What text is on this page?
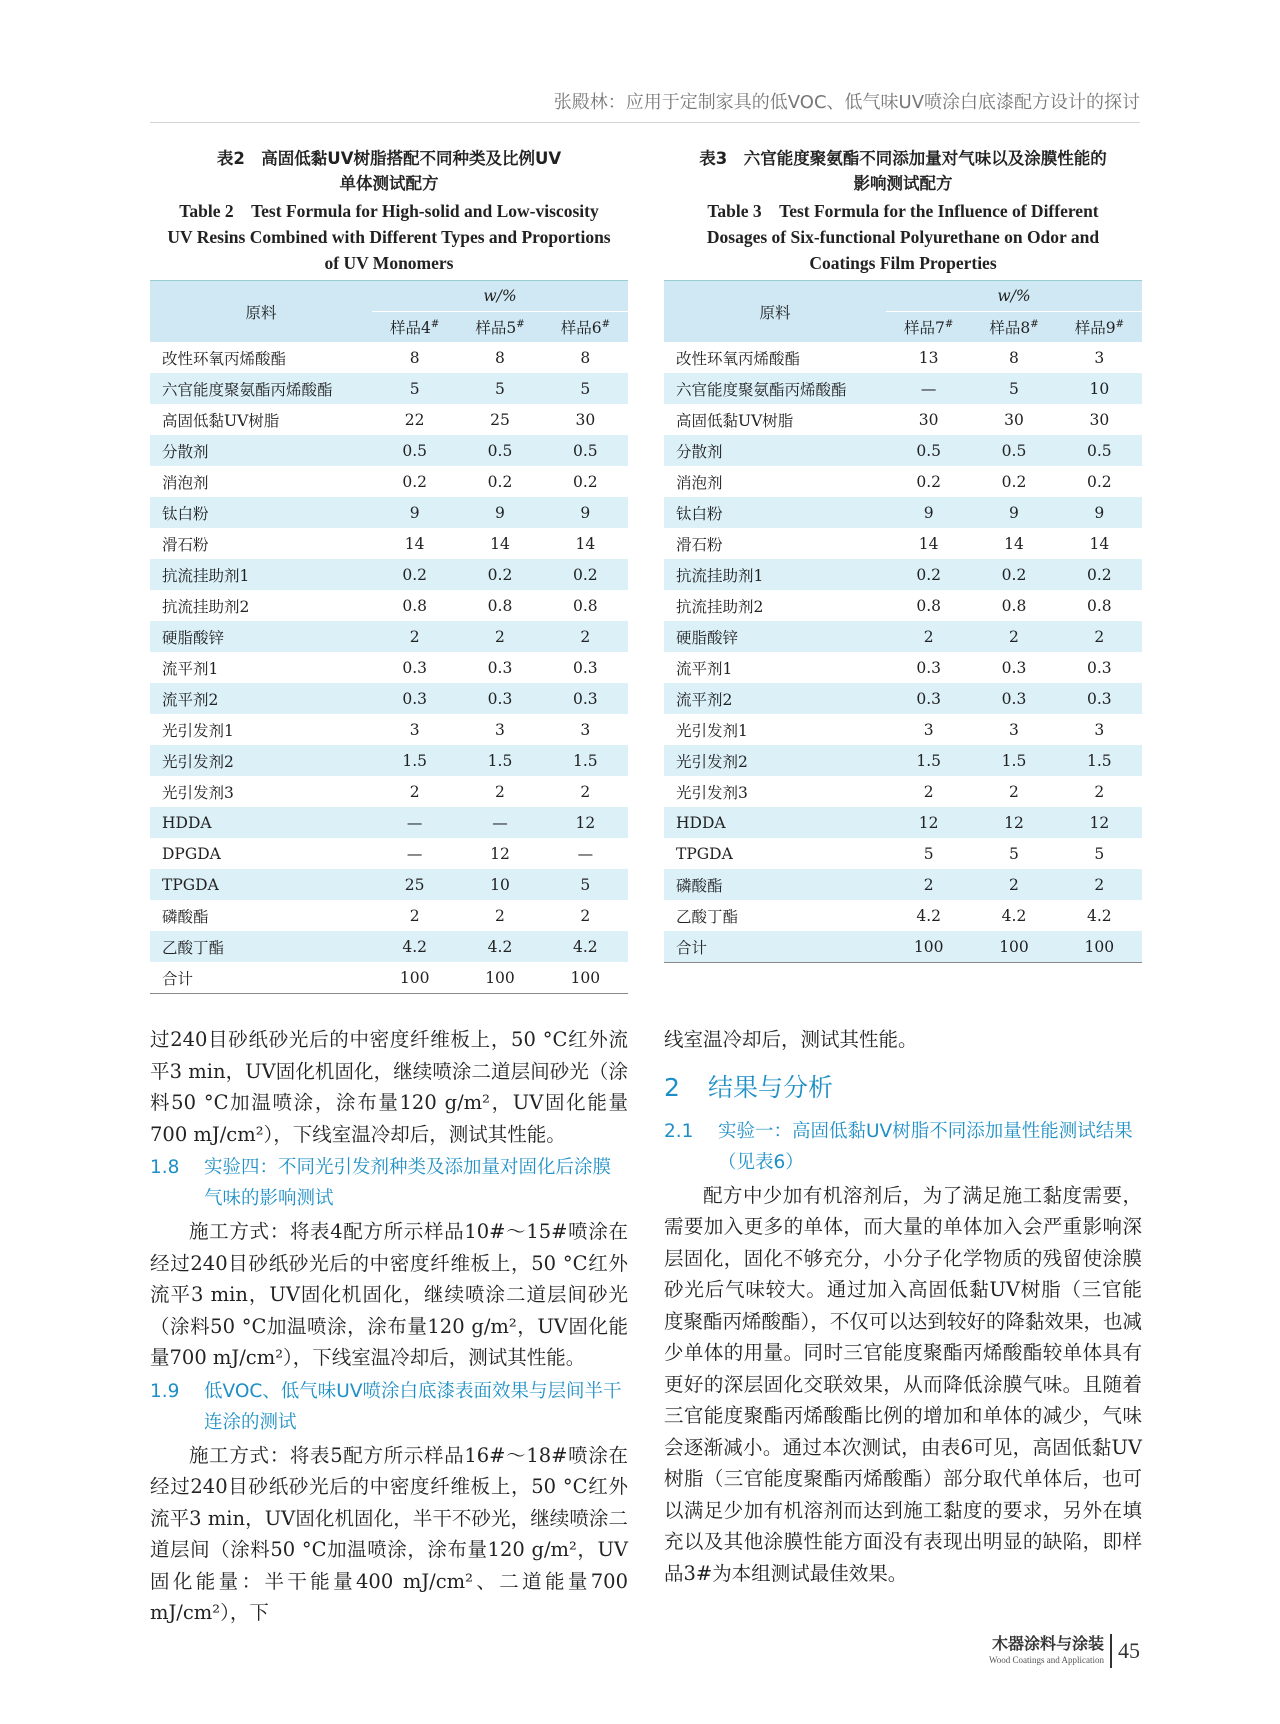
张殿林：应用于定制家具的低VOC、低气味UV喷涂白底漆配方设计的探讨
表2　高固低黏UV树脂搭配不同种类及比例UV
单体测试配方
Table 2　Test Formula for High-solid and Low-viscosity
UV Resins Combined with Different Types and Proportions
of UV Monomers
原料	w/%		
	样品4#	样品5#	样品6#
改性环氧丙烯酸酯	8	8	8
六官能度聚氨酯丙烯酸酯	5	5	5
高固低黏UV树脂	22	25	30
分散剂	0.5	0.5	0.5
消泡剂	0.2	0.2	0.2
钛白粉	9	9	9
滑石粉	14	14	14
抗流挂助剂1	0.2	0.2	0.2
抗流挂助剂2	0.8	0.8	0.8
硬脂酸锌	2	2	2
流平剂1	0.3	0.3	0.3
流平剂2	0.3	0.3	0.3
光引发剂1	3	3	3
光引发剂2	1.5	1.5	1.5
光引发剂3	2	2	2
HDDA	—	—	12
DPGDA	—	12	—
TPGDA	25	10	5
磷酸酯	2	2	2
乙酸丁酯	4.2	4.2	4.2
合计	100	100	100
表3　六官能度聚氨酯不同添加量对气味以及涂膜性能的
影响测试配方
Table 3　Test Formula for the Influence of Different
Dosages of Six-functional Polyurethane on Odor and
Coatings Film Properties
原料	w/%		
	样品7#	样品8#	样品9#
改性环氧丙烯酸酯	13	8	3
六官能度聚氨酯丙烯酸酯	—	5	10
高固低黏UV树脂	30	30	30
分散剂	0.5	0.5	0.5
消泡剂	0.2	0.2	0.2
钛白粉	9	9	9
滑石粉	14	14	14
抗流挂助剂1	0.2	0.2	0.2
抗流挂助剂2	0.8	0.8	0.8
硬脂酸锌	2	2	2
流平剂1	0.3	0.3	0.3
流平剂2	0.3	0.3	0.3
光引发剂1	3	3	3
光引发剂2	1.5	1.5	1.5
光引发剂3	2	2	2
HDDA	12	12	12
TPGDA	5	5	5
磷酸酯	2	2	2
乙酸丁酯	4.2	4.2	4.2
合计	100	100	100

过240目砂纸砂光后的中密度纤维板上，50 °C红外流平3 min，UV固化机固化，继续喷涂二道层间砂光（涂料50 °C加温喷涂，涂布量120 g/m²，UV固化能量700 mJ/cm²），下线室温冷却后，测试其性能。

1.8 实验四：不同光引发剂种类及添加量对固化后涂膜气味的影响测试

施工方式：将表4配方所示样品10#～15#喷涂在经过240目砂纸砂光后的中密度纤维板上，50 °C红外流平3 min，UV固化机固化，继续喷涂二道层间砂光（涂料50 °C加温喷涂，涂布量120 g/m²，UV固化能量700 mJ/cm²），下线室温冷却后，测试其性能。

1.9 低VOC、低气味UV喷涂白底漆表面效果与层间半干连涂的测试

施工方式：将表5配方所示样品16#～18#喷涂在经过240目砂纸砂光后的中密度纤维板上，50 °C红外流平3 min，UV固化机固化，半干不砂光，继续喷涂二道层间（涂料50 °C加温喷涂，涂布量120 g/m²，UV固化能量：半干能量400 mJ/cm²、二道能量700 mJ/cm²），下

线室温冷却后，测试其性能。

2 结果与分析
2.1 实验一：高固低黏UV树脂不同添加量性能测试结果（见表6）

配方中少加有机溶剂后，为了满足施工黏度需要，需要加入更多的单体，而大量的单体加入会严重影响深层固化，固化不够充分，小分子化学物质的残留使涂膜砂光后气味较大。通过加入高固低黏UV树脂（三官能度聚酯丙烯酸酯），不仅可以达到较好的降黏效果，也减少单体的用量。同时三官能度聚酯丙烯酸酯较单体具有更好的深层固化交联效果，从而降低涂膜气味。且随着三官能度聚酯丙烯酸酯比例的增加和单体的减少，气味会逐渐减小。通过本次测试，由表6可见，高固低黏UV树脂（三官能度聚酯丙烯酸酯）部分取代单体后，也可以满足少加有机溶剂而达到施工黏度的要求，另外在填充以及其他涂膜性能方面没有表现出明显的缺陷，即样品3#为本组测试最佳效果。

木器涂料与涂装
Wood Coatings and Application 45
